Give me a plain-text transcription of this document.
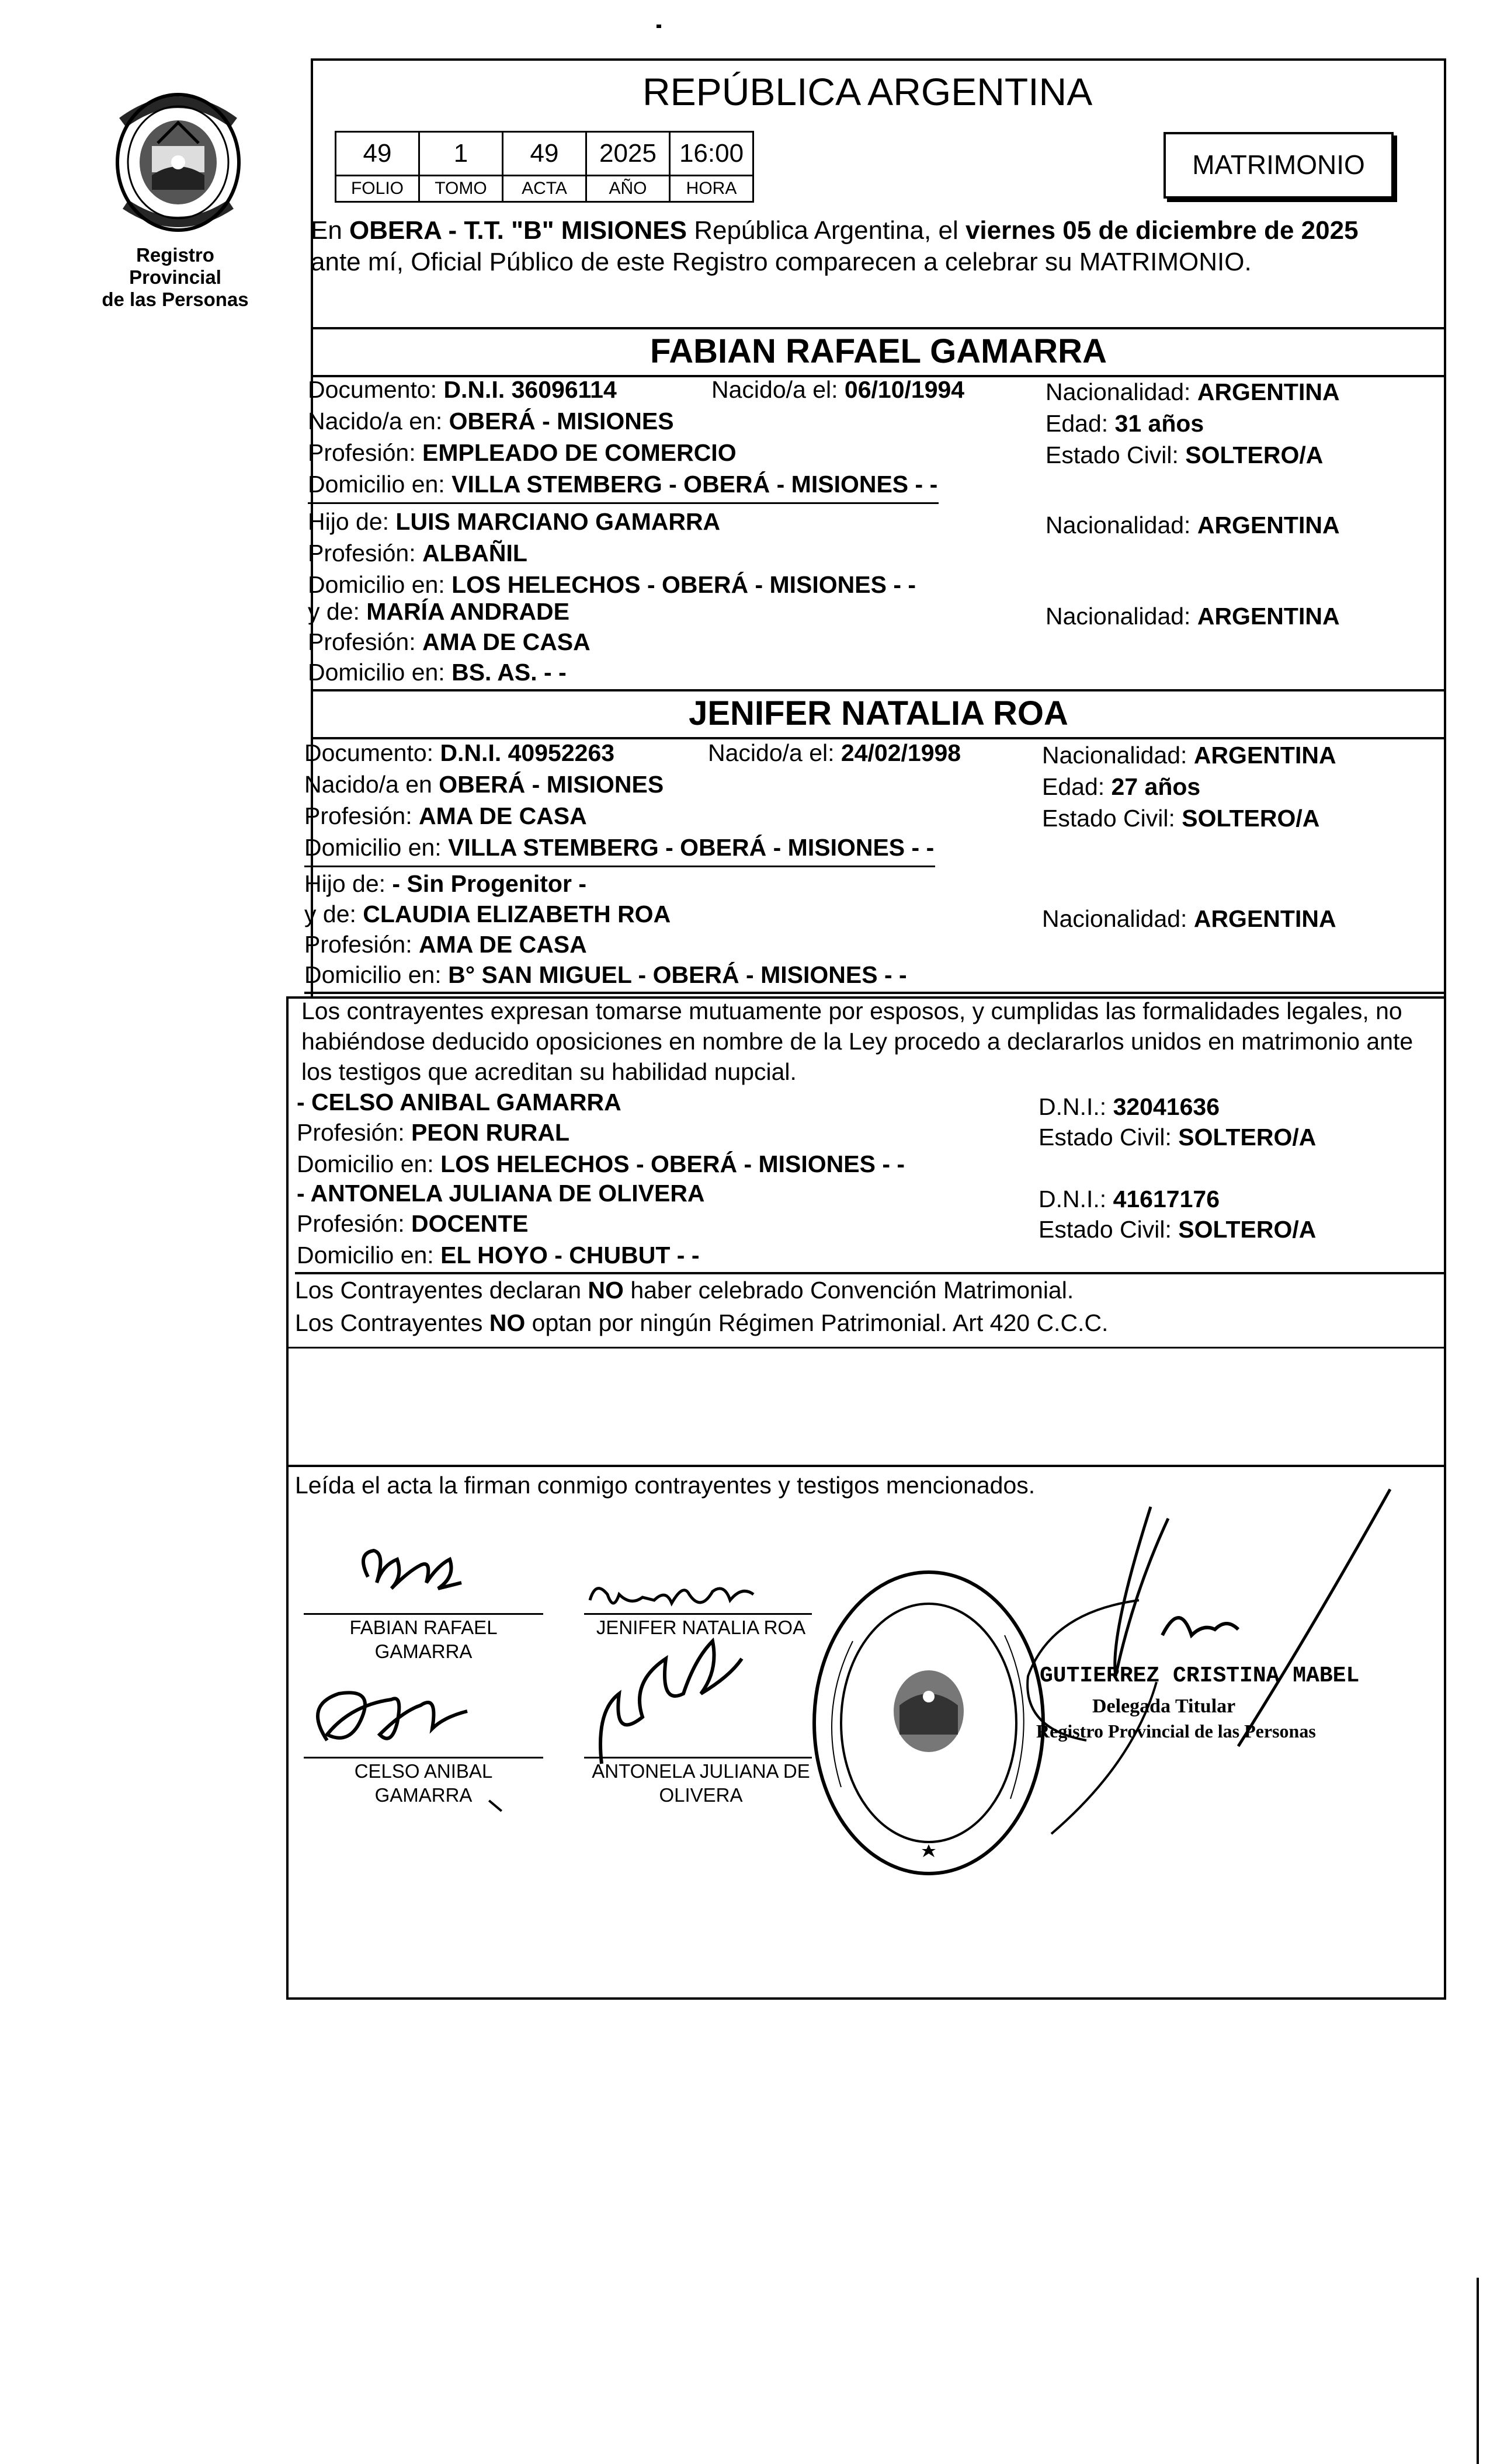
Registro Provincial
de las Personas
REPÚBLICA ARGENTINA
49	1	49	2025	16:00
FOLIO	TOMO	ACTA	AÑO	HORA
MATRIMONIO
En OBERA - T.T. "B" MISIONES República Argentina, el viernes 05 de diciembre de 2025
ante mí, Oficial Público de este Registro comparecen a celebrar su MATRIMONIO.
FABIAN RAFAEL GAMARRA
Documento: D.N.I. 36096114	Nacido/a el: 06/10/1994	Nacionalidad: ARGENTINA
Nacido/a en: OBERÁ - MISIONES	Edad: 31 años
Profesión: EMPLEADO DE COMERCIO	Estado Civil: SOLTERO/A
Domicilio en: VILLA STEMBERG - OBERÁ - MISIONES - -
Hijo de: LUIS MARCIANO GAMARRA	Nacionalidad: ARGENTINA
Profesión: ALBAÑIL
Domicilio en: LOS HELECHOS - OBERÁ - MISIONES - -
y de: MARÍA ANDRADE	Nacionalidad: ARGENTINA
Profesión: AMA DE CASA
Domicilio en: BS. AS. - -
JENIFER NATALIA ROA
Documento: D.N.I. 40952263	Nacido/a el: 24/02/1998	Nacionalidad: ARGENTINA
Nacido/a en OBERÁ - MISIONES	Edad: 27 años
Profesión: AMA DE CASA	Estado Civil: SOLTERO/A
Domicilio en: VILLA STEMBERG - OBERÁ - MISIONES - -
Hijo de: - Sin Progenitor -
y de: CLAUDIA ELIZABETH ROA	Nacionalidad: ARGENTINA
Profesión: AMA DE CASA
Domicilio en: B° SAN MIGUEL - OBERÁ - MISIONES - -
Los contrayentes expresan tomarse mutuamente por esposos, y cumplidas las formalidades legales, no
habiéndose deducido oposiciones en nombre de la Ley procedo a declararlos unidos en matrimonio ante
los testigos que acreditan su habilidad nupcial.
- CELSO ANIBAL GAMARRA	D.N.I.: 32041636
Profesión: PEON RURAL	Estado Civil: SOLTERO/A
Domicilio en: LOS HELECHOS - OBERÁ - MISIONES - -
- ANTONELA JULIANA DE OLIVERA	D.N.I.: 41617176
Profesión: DOCENTE	Estado Civil: SOLTERO/A
Domicilio en: EL HOYO - CHUBUT - -
Los Contrayentes declaran NO haber celebrado Convención Matrimonial.
Los Contrayentes NO optan por ningún Régimen Patrimonial. Art 420 C.C.C.
Leída el acta la firman conmigo contrayentes y testigos mencionados.
FABIAN RAFAEL
GAMARRA
JENIFER NATALIA ROA
CELSO ANIBAL
GAMARRA
ANTONELA JULIANA DE
OLIVERA
GUTIERREZ CRISTINA MABEL
Delegada Titular
Registro Provincial de las Personas
